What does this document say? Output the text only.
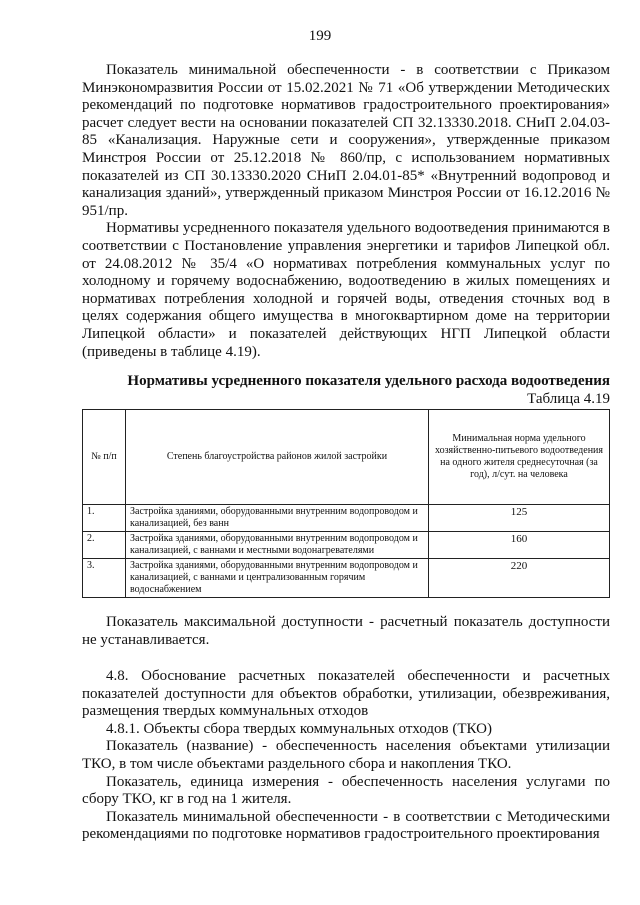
199

Показатель минимальной обеспеченности - в соответствии с Приказом Минэкономразвития России от 15.02.2021 № 71 «Об утверждении Методических рекомендаций по подготовке нормативов градостроительного проектирования» расчет следует вести на основании показателей СП 32.13330.2018. СНиП 2.04.03-85 «Канализация. Наружные сети и сооружения», утвержденные приказом Минстроя России от 25.12.2018 № 860/пр, с использованием нормативных показателей из СП 30.13330.2020 СНиП 2.04.01-85* «Внутренний водопровод и канализация зданий», утвержденный приказом Минстроя России от 16.12.2016 № 951/пр.

Нормативы усредненного показателя удельного водоотведения принимаются в соответствии с Постановление управления энергетики и тарифов Липецкой обл. от 24.08.2012 № 35/4 «О нормативах потребления коммунальных услуг по холодному и горячему водоснабжению, водоотведению в жилых помещениях и нормативах потребления холодной и горячей воды, отведения сточных вод в целях содержания общего имущества в многоквартирном доме на территории Липецкой области» и показателей действующих НГП Липецкой области (приведены в таблице 4.19).

Нормативы усредненного показателя удельного расхода водоотведения
Таблица 4.19
№ п/п	Степень благоустройства районов жилой застройки	Минимальная норма удельного хозяйственно-питьевого водоотведения на одного жителя среднесуточная (за год), л/сут. на человека
1.	Застройка зданиями, оборудованными внутренним водопроводом и канализацией, без ванн	125
2.	Застройка зданиями, оборудованными внутренним водопроводом и канализацией, с ваннами и местными водонагревателями	160
3.	Застройка зданиями, оборудованными внутренним водопроводом и канализацией, с ваннами и централизованным горячим водоснабжением	220

Показатель максимальной доступности - расчетный показатель доступности не устанавливается.

4.8. Обоснование расчетных показателей обеспеченности и расчетных показателей доступности для объектов обработки, утилизации, обезвреживания, размещения твердых коммунальных отходов

4.8.1. Объекты сбора твердых коммунальных отходов (ТКО)

Показатель (название) - обеспеченность населения объектами утилизации ТКО, в том числе объектами раздельного сбора и накопления ТКО.

Показатель, единица измерения - обеспеченность населения услугами по сбору ТКО, кг в год на 1 жителя.

Показатель минимальной обеспеченности - в соответствии с Методическими рекомендациями по подготовке нормативов градостроительного проектирования
